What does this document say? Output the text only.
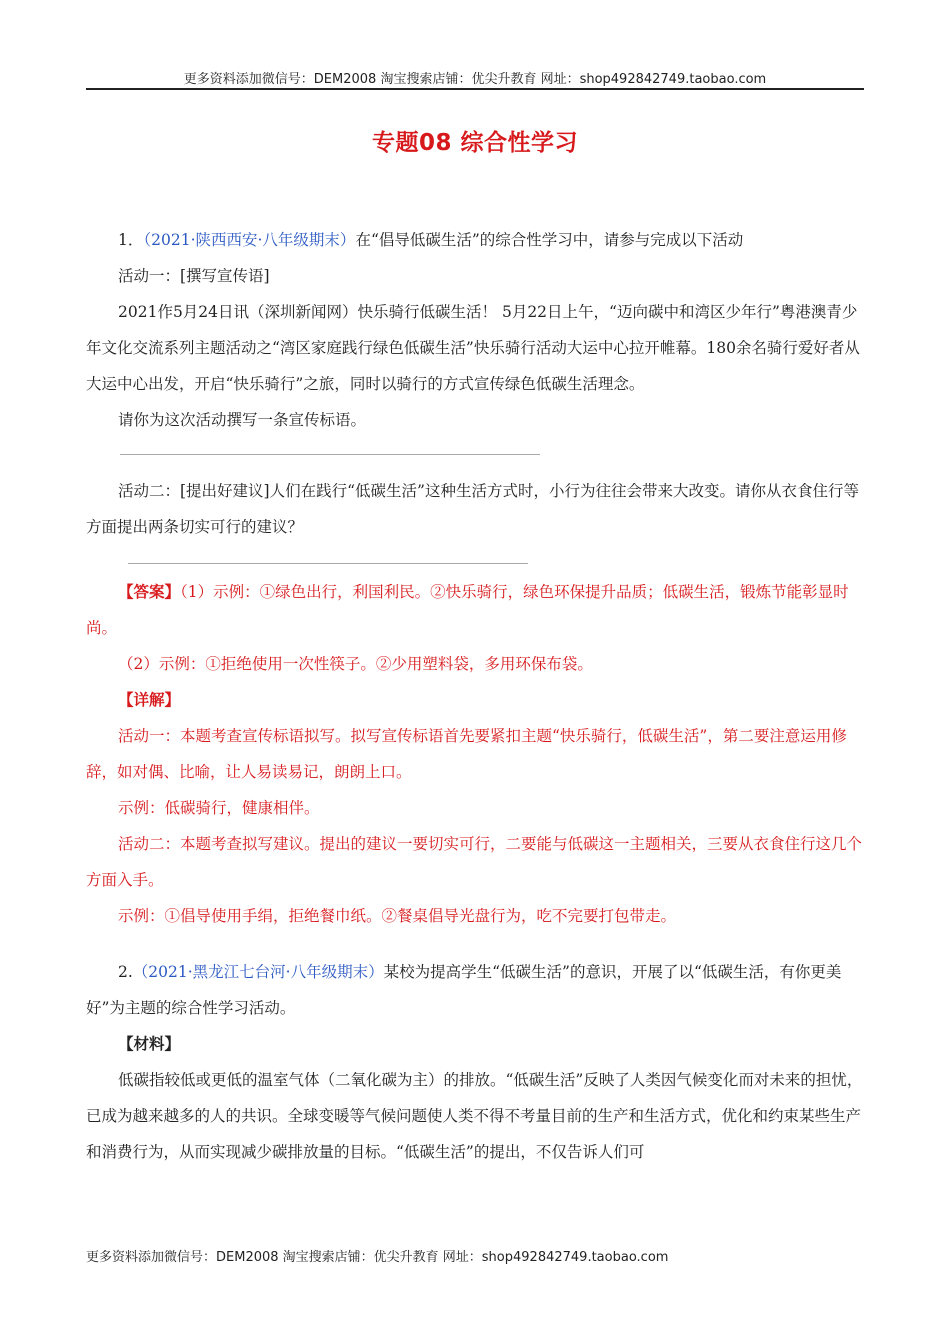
更多资料添加微信号：DEM2008 淘宝搜索店铺：优尖升教育 网址：shop492842749.taobao.com
专题08 综合性学习

1．（2021·陕西西安·八年级期末）在“倡导低碳生活”的综合性学习中，请参与完成以下活动

活动一：[撰写宣传语]

2021作5月24日讯（深圳新闻网）快乐骑行低碳生活！ 5月22日上午，“迈向碳中和湾区少年行”粤港澳青少年文化交流系列主题活动之“湾区家庭践行绿色低碳生活”快乐骑行活动大运中心拉开帷幕。180余名骑行爱好者从大运中心出发，开启“快乐骑行”之旅，同时以骑行的方式宣传绿色低碳生活理念。

请你为这次活动撰写一条宣传标语。

活动二：[提出好建议]人们在践行“低碳生活”这种生活方式时，小行为往往会带来大改变。请你从衣食住行等方面提出两条切实可行的建议？

【答案】（1）示例：①绿色出行，利国利民。②快乐骑行，绿色环保提升品质；低碳生活，锻炼节能彰显时尚。

（2）示例：①拒绝使用一次性筷子。②少用塑料袋，多用环保布袋。

【详解】

活动一：本题考查宣传标语拟写。拟写宣传标语首先要紧扣主题“快乐骑行，低碳生活”，第二要注意运用修辞，如对偶、比喻，让人易读易记，朗朗上口。

示例：低碳骑行，健康相伴。

活动二：本题考查拟写建议。提出的建议一要切实可行，二要能与低碳这一主题相关，三要从衣食住行这几个方面入手。

示例：①倡导使用手绢，拒绝餐巾纸。②餐桌倡导光盘行为，吃不完要打包带走。

2.（2021·黑龙江七台河·八年级期末）某校为提高学生“低碳生活”的意识，开展了以“低碳生活，有你更美好”为主题的综合性学习活动。

【材料】

低碳指较低或更低的温室气体（二氧化碳为主）的排放。“低碳生活”反映了人类因气候变化而对未来的担忧，已成为越来越多的人的共识。全球变暖等气候问题使人类不得不考量目前的生产和生活方式，优化和约束某些生产和消费行为，从而实现减少碳排放量的目标。“低碳生活”的提出，不仅告诉人们可

更多资料添加微信号：DEM2008 淘宝搜索店铺：优尖升教育 网址：shop492842749.taobao.com
